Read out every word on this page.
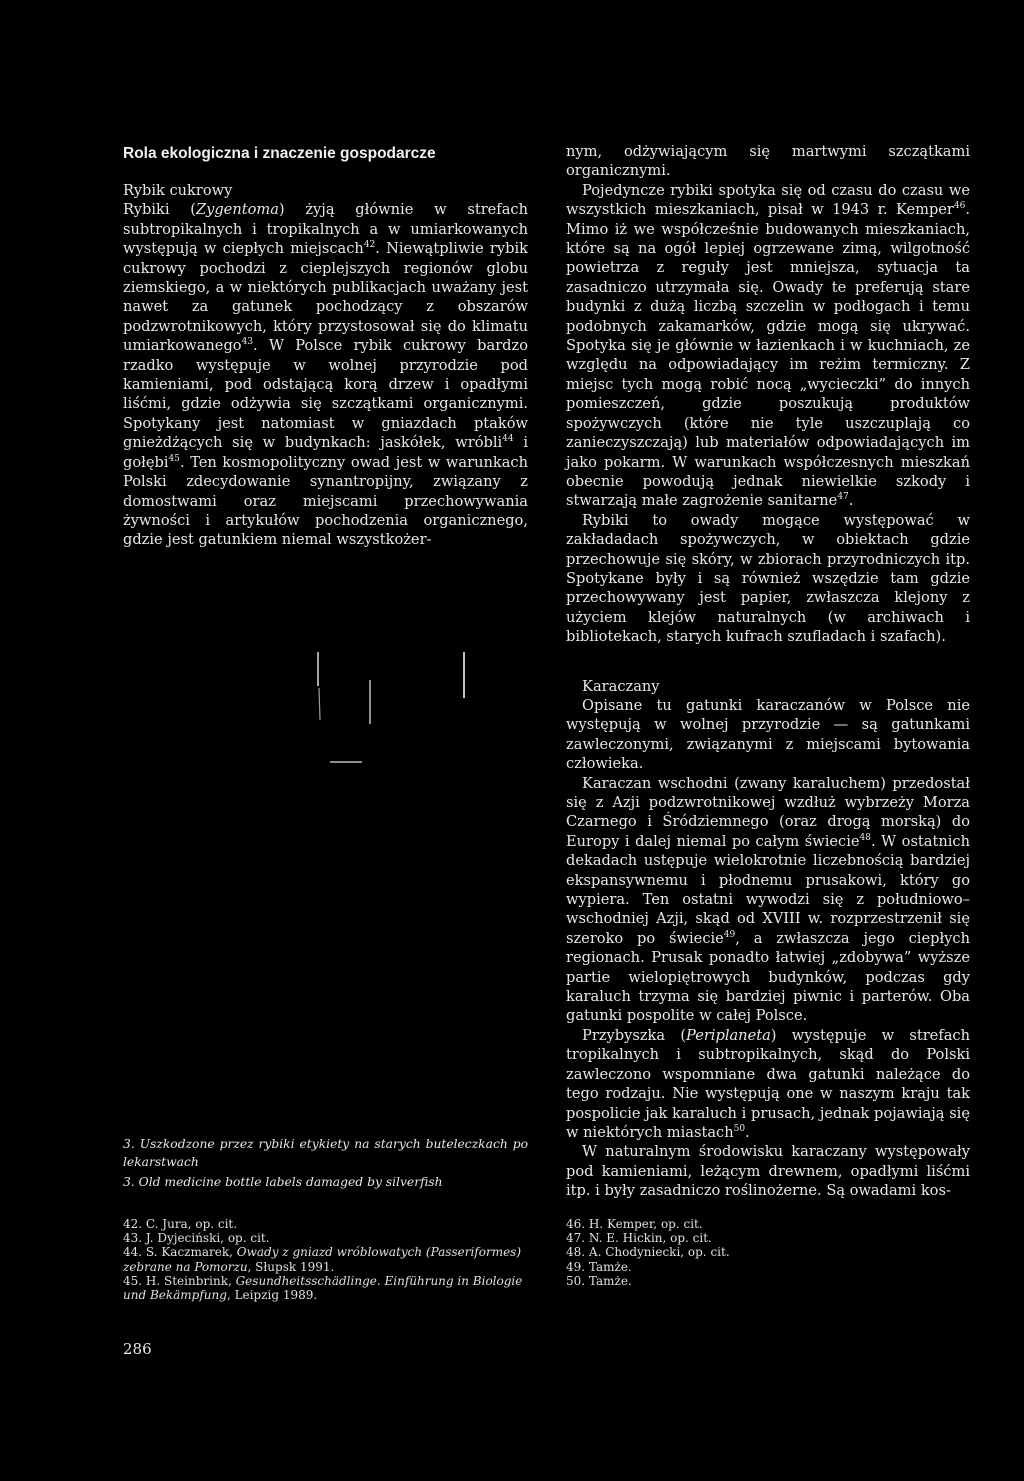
Rola ekologiczna i znaczenie gospodarcze

Rybik cukrowy

Rybiki (Zygentoma) żyją głównie w strefach subtropikalnych i tropikalnych a w umiarkowanych występują w ciepłych miejscach$^{42}$. Niewątpliwie rybik cukrowy pochodzi z cieplejszych regionów globu ziemskiego, a w niektórych publikacjach uważany jest nawet za gatunek pochodzący z obszarów podzwrotnikowych, który przystosował się do klimatu umiarkowanego$^{43}$. W Polsce rybik cukrowy bardzo rzadko występuje w wolnej przyrodzie pod kamieniami, pod odstającą korą drzew i opadłymi liśćmi, gdzie odżywia się szczątkami organicznymi. Spotykany jest natomiast w gniazdach ptaków gnieżdżących się w budynkach: jaskółek, wróbli$^{44}$ i gołębi$^{45}$. Ten kosmopolityczny owad jest w warunkach Polski zdecydowanie synantropijny, związany z domostwami oraz miejscami przechowywania żywności i artykułów pochodzenia organicznego, gdzie jest gatunkiem niemal wszystkożer-

3. Uszkodzone przez rybiki etykiety na starych buteleczkach po lekarstwach
3. Old medicine bottle labels damaged by silverfish

nym, odżywiającym się martwymi szczątkami organicznymi.

Pojedyncze rybiki spotyka się od czasu do czasu we wszystkich mieszkaniach, pisał w 1943 r. Kemper$^{46}$. Mimo iż we współcześnie budowanych mieszkaniach, które są na ogół lepiej ogrzewane zimą, wilgotność powietrza z reguły jest mniejsza, sytuacja ta zasadniczo utrzymała się. Owady te preferują stare budynki z dużą liczbą szczelin w podłogach i temu podobnych zakamarków, gdzie mogą się ukrywać. Spotyka się je głównie w łazienkach i w kuchniach, ze względu na odpowiadający im reżim termiczny. Z miejsc tych mogą robić nocą „wycieczki” do innych pomieszczeń, gdzie poszukują produktów spożywczych (które nie tyle uszczuplają co zanieczyszczają) lub materiałów odpowiadających im jako pokarm. W warunkach współczesnych mieszkań obecnie powodują jednak niewielkie szkody i stwarzają małe zagrożenie sanitarne$^{47}$.

Rybiki to owady mogące występować w zakładadach spożywczych, w obiektach gdzie przechowuje się skóry, w zbiorach przyrodniczych itp. Spotykane były i są również wszędzie tam gdzie przechowywany jest papier, zwłaszcza klejony z użyciem klejów naturalnych (w archiwach i bibliotekach, starych kufrach szufladach i szafach).

Karaczany

Opisane tu gatunki karaczanów w Polsce nie występują w wolnej przyrodzie — są gatunkami zawleczonymi, związanymi z miejscami bytowania człowieka.

Karaczan wschodni (zwany karaluchem) przedostał się z Azji podzwrotnikowej wzdłuż wybrzeży Morza Czarnego i Śródziemnego (oraz drogą morską) do Europy i dalej niemal po całym świecie$^{48}$. W ostatnich dekadach ustępuje wielokrotnie liczebnością bardziej ekspansywnemu i płodnemu prusakowi, który go wypiera. Ten ostatni wywodzi się z południowo–wschodniej Azji, skąd od XVIII w. rozprzestrzenił się szeroko po świecie$^{49}$, a zwłaszcza jego ciepłych regionach. Prusak ponadto łatwiej „zdobywa” wyższe partie wielopiętrowych budynków, podczas gdy karaluch trzyma się bardziej piwnic i parterów. Oba gatunki pospolite w całej Polsce.

Przybyszka (Periplaneta) występuje w strefach tropikalnych i subtropikalnych, skąd do Polski zawleczono wspomniane dwa gatunki należące do tego rodzaju. Nie występują one w naszym kraju tak pospolicie jak karaluch i prusach, jednak pojawiają się w niektórych miastach$^{50}$.

W naturalnym środowisku karaczany występowały pod kamieniami, leżącym drewnem, opadłymi liśćmi itp. i były zasadniczo roślinożerne. Są owadami kos-

42. C. Jura, op. cit.
43. J. Dyjeciński, op. cit.
44. S. Kaczmarek, Owady z gniazd wróblowatych (Passeriformes) zebrane na Pomorzu, Słupsk 1991.
45. H. Steinbrink, Gesundheitsschädlinge. Einführung in Biologie und Bekämpfung, Leipzig 1989.
46. H. Kemper, op. cit.
47. N. E. Hickin, op. cit.
48. A. Chodyniecki, op. cit.
49. Tamże.
50. Tamże.
286
